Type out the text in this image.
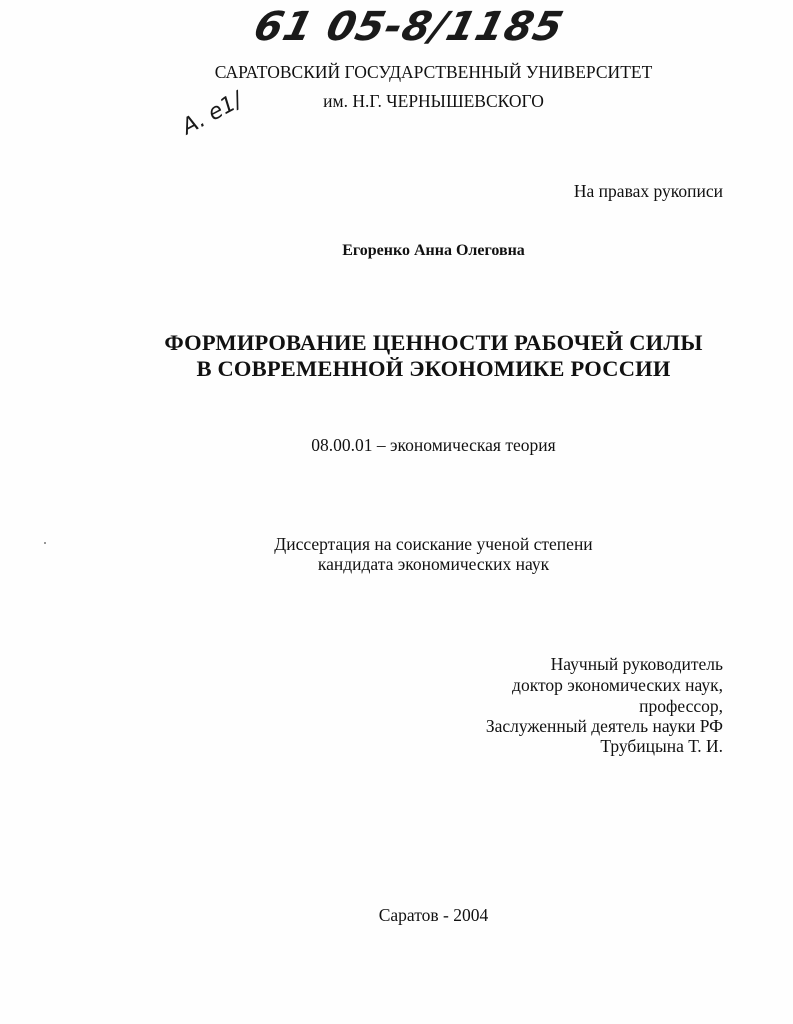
61 05-8/1185
A. e1/
САРАТОВСКИЙ ГОСУДАРСТВЕННЫЙ УНИВЕРСИТЕТ
им. Н.Г. ЧЕРНЫШЕВСКОГО
На правах рукописи
Егоренко Анна Олеговна
ФОРМИРОВАНИЕ ЦЕННОСТИ РАБОЧЕЙ СИЛЫ
В СОВРЕМЕННОЙ ЭКОНОМИКЕ РОССИИ
08.00.01 – экономическая теория
Диссертация на соискание ученой степени
кандидата экономических наук
Научный руководитель
доктор экономических наук,
профессор,
Заслуженный деятель науки РФ
Трубицына Т. И.
Саратов - 2004
